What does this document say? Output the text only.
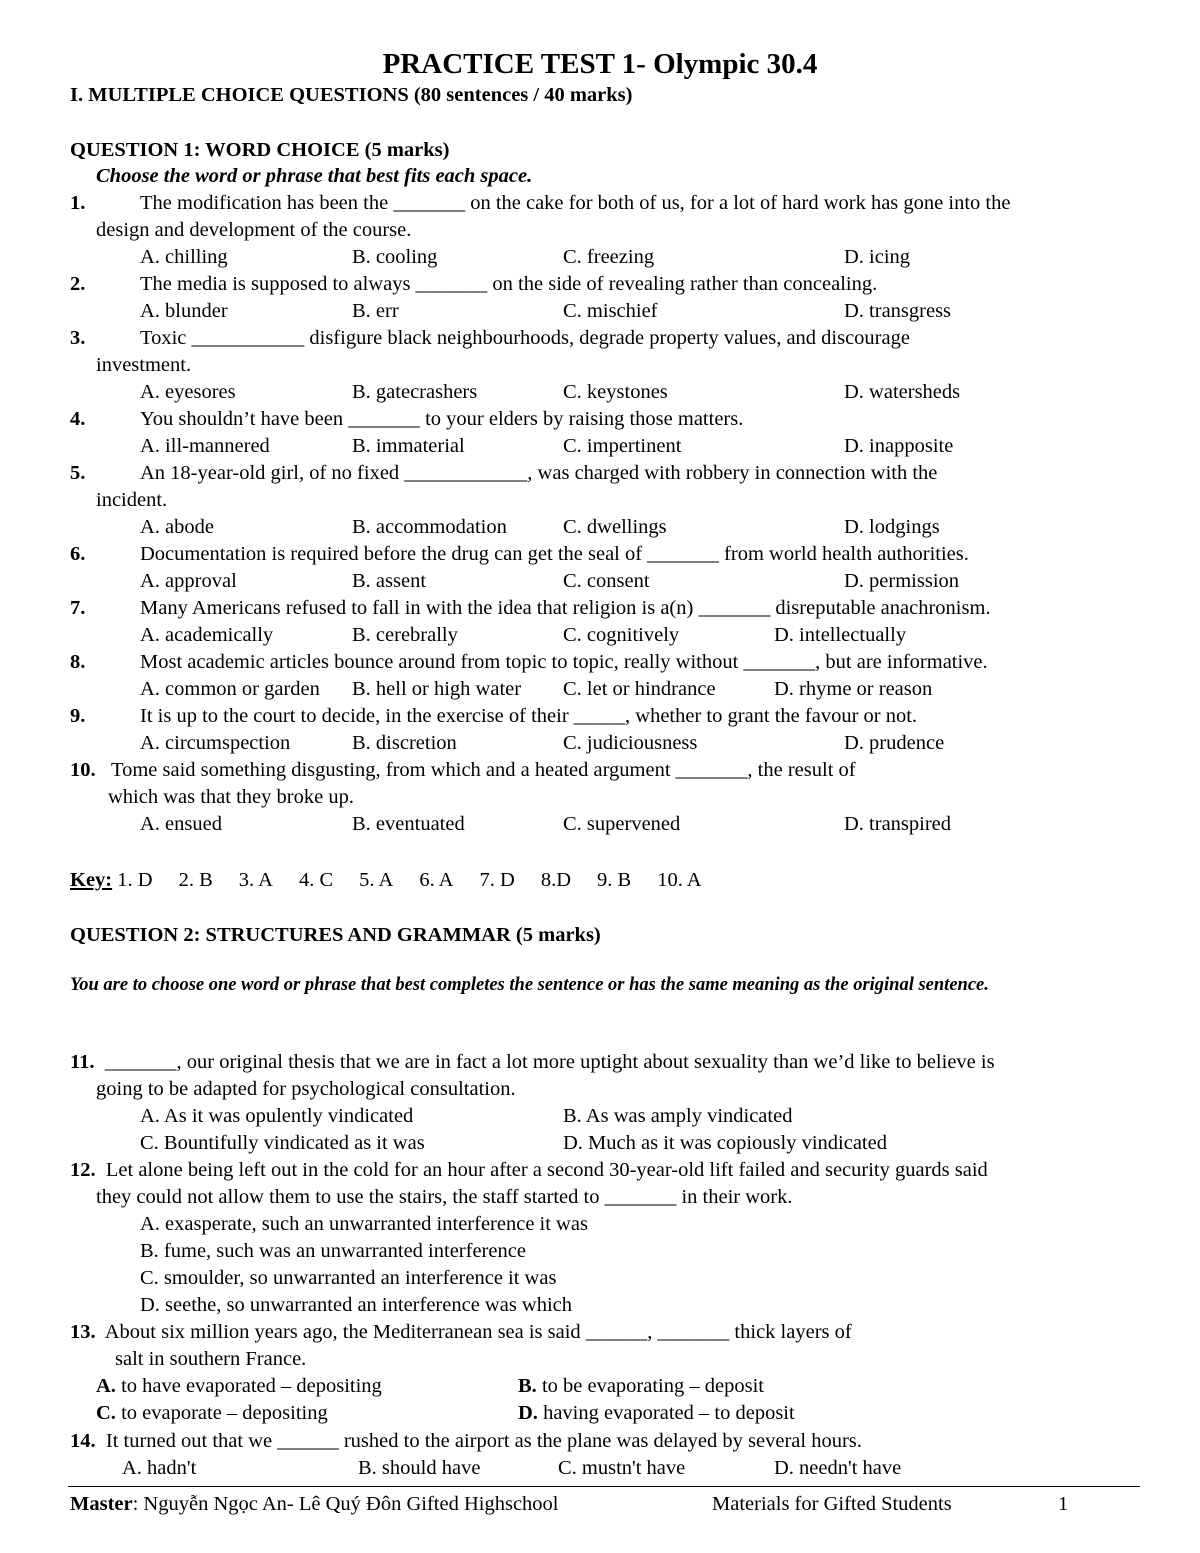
PRACTICE TEST 1- Olympic 30.4
I. MULTIPLE CHOICE QUESTIONS (80 sentences / 40 marks)
QUESTION 1: WORD CHOICE (5 marks)
Choose the word or phrase that best fits each space.
1.	The modification has been the _______ on the cake for both of us, for a lot of hard work has gone into the
design and development of the course.
A. chilling	B. cooling	C. freezing	D. icing
2.	The media is supposed to always _______ on the side of revealing rather than concealing.
A. blunder	B. err	C. mischief	D. transgress
3.	Toxic ___________ disfigure black neighbourhoods, degrade property values, and discourage
investment.
A. eyesores	B. gatecrashers	C. keystones	D. watersheds
4.	You shouldn’t have been _______ to your elders by raising those matters.
A. ill-mannered	B. immaterial	C. impertinent	D. inapposite
5.	An 18-year-old girl, of no fixed ____________, was charged with robbery in connection with the
incident.
A. abode	B. accommodation	C. dwellings	D. lodgings
6.	Documentation is required before the drug can get the seal of _______ from world health authorities.
A. approval	B. assent	C. consent	D. permission
7.	Many Americans refused to fall in with the idea that religion is a(n) _______ disreputable anachronism.
A. academically	B. cerebrally	C. cognitively	D. intellectually
8.	Most academic articles bounce around from topic to topic, really without _______, but are informative.
A. common or garden B. hell or high water C. let or hindrance	D. rhyme or reason
9.	It is up to the court to decide, in the exercise of their _____, whether to grant the favour or not.
A. circumspection	B. discretion	C. judiciousness	D. prudence
10. Tome said something disgusting, from which and a heated argument _______, the result of
which was that they broke up.
A. ensued	B. eventuated	C. supervened	D. transpired
Key: 1. D 2. B 3. A 4. C 5. A 6. A 7. D 8.D 9. B 10. A
QUESTION 2: STRUCTURES AND GRAMMAR (5 marks)
You are to choose one word or phrase that best completes the sentence or has the same meaning as the original sentence.
11. _______, our original thesis that we are in fact a lot more uptight about sexuality than we’d like to believe is
going to be adapted for psychological consultation.
A. As it was opulently vindicated	B. As was amply vindicated
C. Bountifully vindicated as it was	D. Much as it was copiously vindicated
12. Let alone being left out in the cold for an hour after a second 30-year-old lift failed and security guards said
they could not allow them to use the stairs, the staff started to _______ in their work.
A. exasperate, such an unwarranted interference it was
B. fume, such was an unwarranted interference
C. smoulder, so unwarranted an interference it was
D. seethe, so unwarranted an interference was which
13. About six million years ago, the Mediterranean sea is said ______, _______ thick layers of
salt in southern France.
A. to have evaporated – depositing	B. to be evaporating – deposit
C. to evaporate – depositing	D. having evaporated – to deposit
14. It turned out that we ______ rushed to the airport as the plane was delayed by several hours.
A. hadn't	B. should have	C. mustn't have	D. needn't have
Master: Nguyễn Ngọc An- Lê Quý Đôn Gifted Highschool	Materials for Gifted Students	1
